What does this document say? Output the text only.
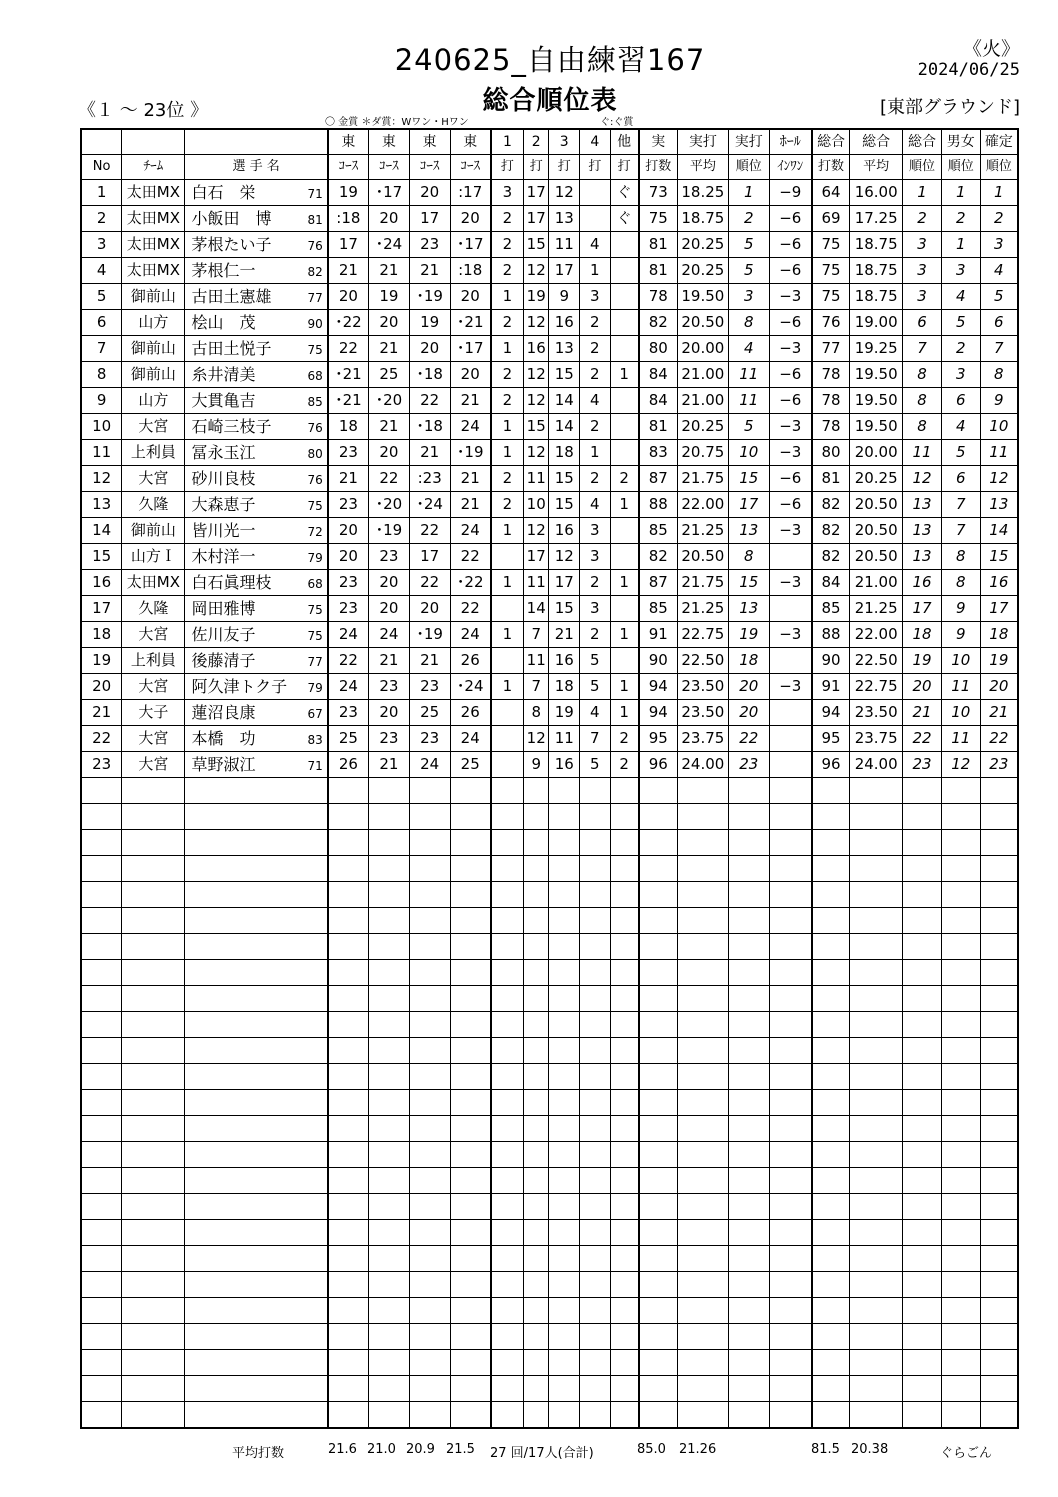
240625_自由練習167	《火》
2024/06/25
総合順位表
《１ ～ 23位 》	[東部グラウンド]
〇 金賞 ＊ダ賞：Wワン・Hワン	ぐ:ぐ賞
			東	東	東	東	1	2	3	4	他	実	実打	実打	ﾎｰﾙ	総合	総合	総合	男女	確定
No	ﾁｰﾑ	選 手 名	ｺｰｽ	ｺｰｽ	ｺｰｽ	ｺｰｽ	打	打	打	打	打	打数	平均	順位	ｲﾝﾜﾝ	打数	平均	順位	順位	順位
1	太田MX	白石　栄 71	19	･17	20	:17	3	17	12		ぐ	73	18.25	1	−9	64	16.00	1	1	1
2	太田MX	小飯田　博 81	:18	20	17	20	2	17	13		ぐ	75	18.75	2	−6	69	17.25	2	2	2
3	太田MX	茅根たい子 76	17	･24	23	･17	2	15	11	4		81	20.25	5	−6	75	18.75	3	1	3
4	太田MX	茅根仁一 82	21	21	21	:18	2	12	17	1		81	20.25	5	−6	75	18.75	3	3	4
5	御前山	古田土憲雄 77	20	19	･19	20	1	19	9	3		78	19.50	3	−3	75	18.75	3	4	5
6	山方	桧山　茂 90	･22	20	19	･21	2	12	16	2		82	20.50	8	−6	76	19.00	6	5	6
7	御前山	古田土悦子 75	22	21	20	･17	1	16	13	2		80	20.00	4	−3	77	19.25	7	2	7
8	御前山	糸井清美 68	･21	25	･18	20	2	12	15	2	1	84	21.00	11	−6	78	19.50	8	3	8
9	山方	大貫亀吉 85	･21	･20	22	21	2	12	14	4		84	21.00	11	−6	78	19.50	8	6	9
10	大宮	石崎三枝子 76	18	21	･18	24	1	15	14	2		81	20.25	5	−3	78	19.50	8	4	10
11	上利員	冨永玉江 80	23	20	21	･19	1	12	18	1		83	20.75	10	−3	80	20.00	11	5	11
12	大宮	砂川良枝 76	21	22	:23	21	2	11	15	2	2	87	21.75	15	−6	81	20.25	12	6	12
13	久隆	大森恵子 75	23	･20	･24	21	2	10	15	4	1	88	22.00	17	−6	82	20.50	13	7	13
14	御前山	皆川光一 72	20	･19	22	24	1	12	16	3		85	21.25	13	−3	82	20.50	13	7	14
15	山方Ｉ	木村洋一 79	20	23	17	22		17	12	3		82	20.50	8		82	20.50	13	8	15
16	太田MX	白石眞理枝 68	23	20	22	･22	1	11	17	2	1	87	21.75	15	−3	84	21.00	16	8	16
17	久隆	岡田雅博 75	23	20	20	22		14	15	3		85	21.25	13		85	21.25	17	9	17
18	大宮	佐川友子 75	24	24	･19	24	1	7	21	2	1	91	22.75	19	−3	88	22.00	18	9	18
19	上利員	後藤清子 77	22	21	21	26		11	16	5		90	22.50	18		90	22.50	19	10	19
20	大宮	阿久津トク子 79	24	23	23	･24	1	7	18	5	1	94	23.50	20	−3	91	22.75	20	11	20
21	大子	蓮沼良康 67	23	20	25	26		8	19	4	1	94	23.50	20		94	23.50	21	10	21
22	大宮	本橋　功 83	25	23	23	24		12	11	7	2	95	23.75	22		95	23.75	22	11	22
23	大宮	草野淑江 71	26	21	24	25		9	16	5	2	96	24.00	23		96	24.00	23	12	23

平均打数	21.6 21.0 20.9 21.5 27 回/17人(合計)	85.0 21.26	81.5 20.38	ぐらごん
